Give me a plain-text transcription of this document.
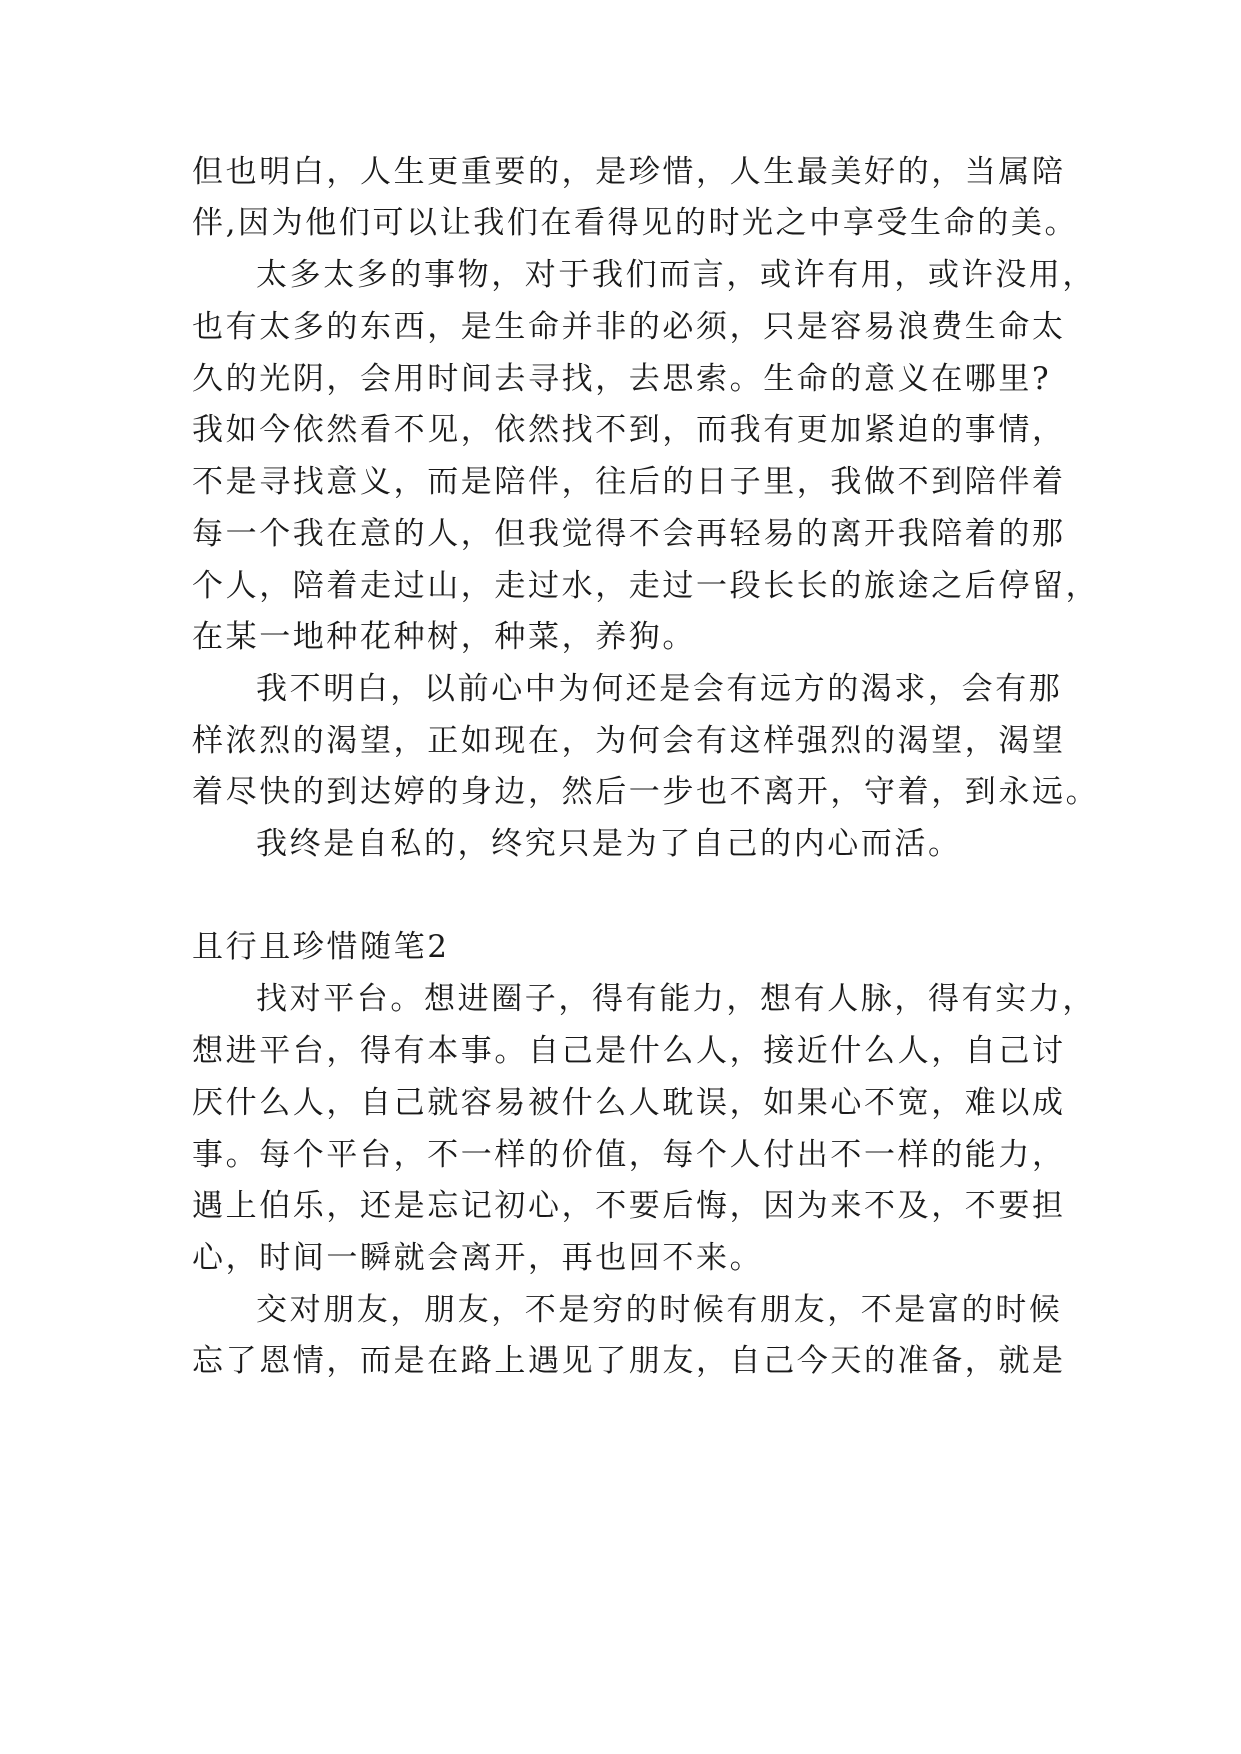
但也明白，人生更重要的，是珍惜，人生最美好的，当属陪
伴,因为他们可以让我们在看得见的时光之中享受生命的美。
太多太多的事物，对于我们而言，或许有用，或许没用，
也有太多的东西，是生命并非的必须，只是容易浪费生命太
久的光阴，会用时间去寻找，去思索。生命的意义在哪里?
我如今依然看不见，依然找不到，而我有更加紧迫的事情，
不是寻找意义，而是陪伴，往后的日子里，我做不到陪伴着
每一个我在意的人，但我觉得不会再轻易的离开我陪着的那
个人，陪着走过山，走过水，走过一段长长的旅途之后停留，
在某一地种花种树，种菜，养狗。
我不明白，以前心中为何还是会有远方的渴求，会有那
样浓烈的渴望，正如现在，为何会有这样强烈的渴望，渴望
着尽快的到达婷的身边，然后一步也不离开，守着，到永远。
我终是自私的，终究只是为了自己的内心而活。
且行且珍惜随笔2
找对平台。想进圈子，得有能力，想有人脉，得有实力，
想进平台，得有本事。自己是什么人，接近什么人，自己讨
厌什么人，自己就容易被什么人耽误，如果心不宽，难以成
事。每个平台，不一样的价值，每个人付出不一样的能力，
遇上伯乐，还是忘记初心，不要后悔，因为来不及，不要担
心，时间一瞬就会离开，再也回不来。
交对朋友，朋友，不是穷的时候有朋友，不是富的时候
忘了恩情，而是在路上遇见了朋友，自己今天的准备，就是
